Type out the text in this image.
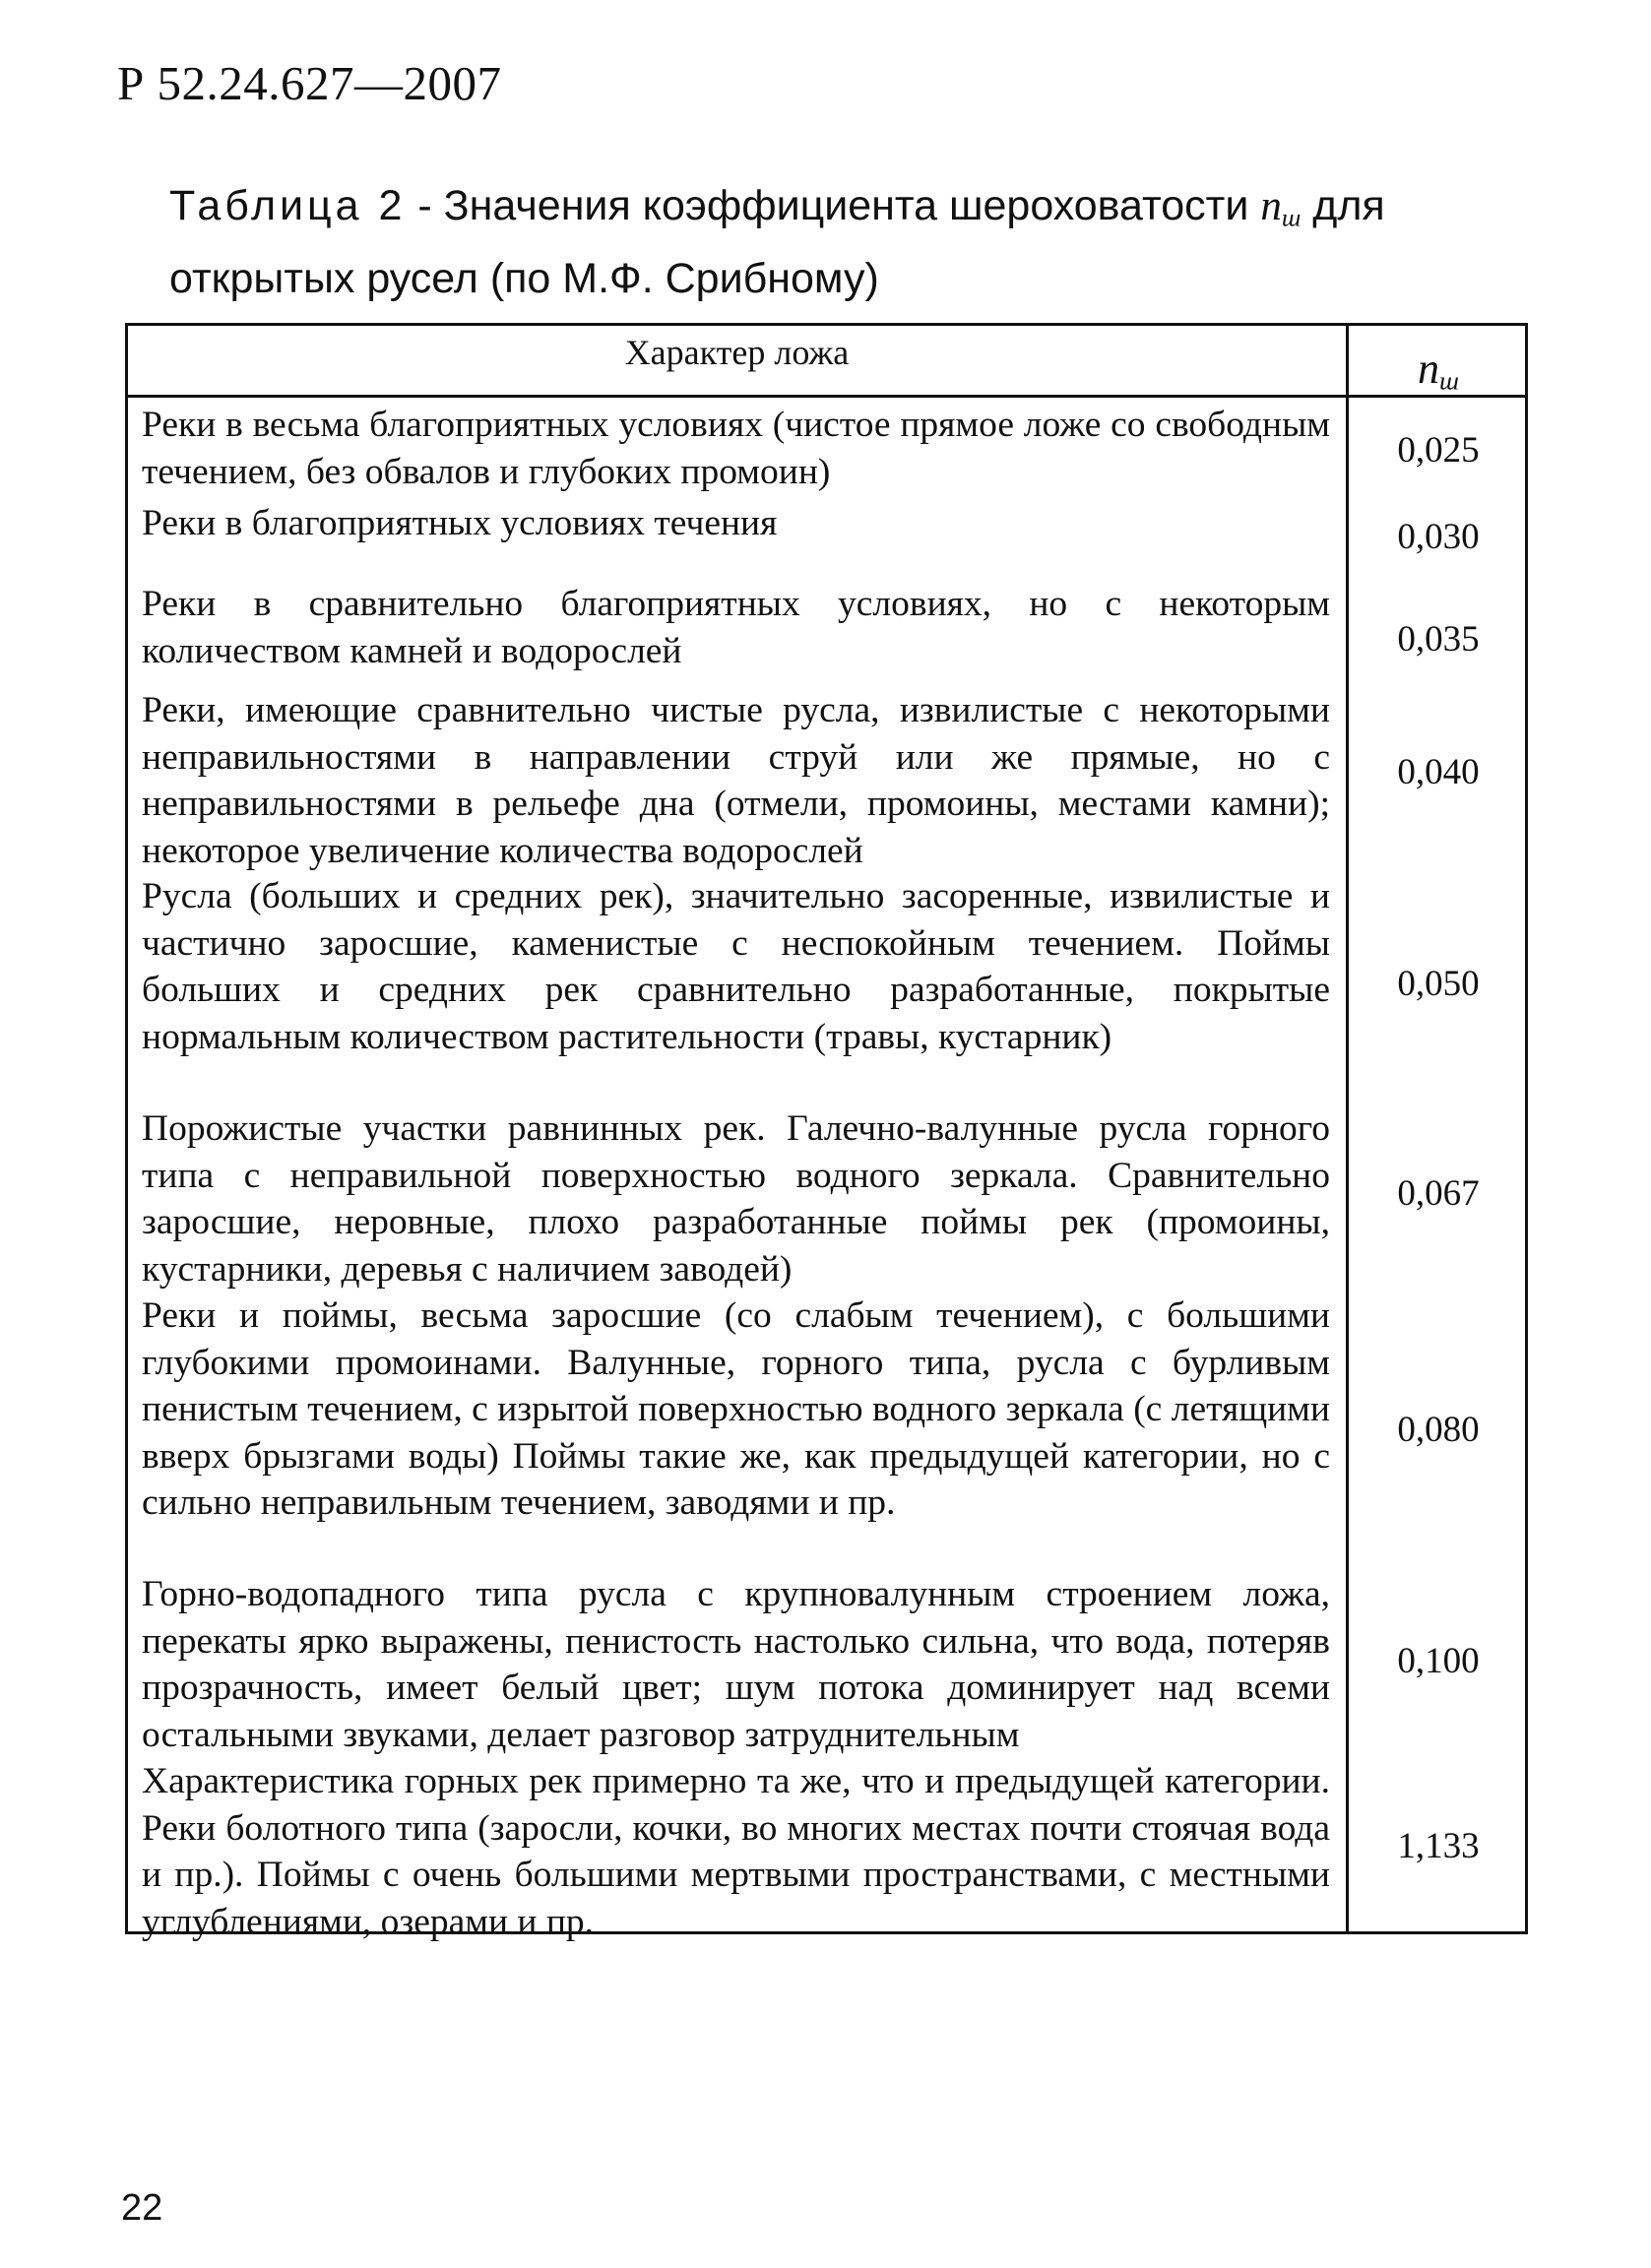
Р 52.24.627—2007
Таблица 2 - Значения коэффициента шероховатости $n_ш$ для открытых русел (по М.Ф. Срибному)
Характер ложа	$n_ш$
Реки в весьма благоприятных условиях (чистое прямое ложе со свободным течением, без обвалов и глубоких промоин)
0,025
Реки в благоприятных условиях течения	0,030
Реки в сравнительно благоприятных условиях, но с некоторым количеством камней и водорослей	0,035
Реки, имеющие сравнительно чистые русла, извилистые с некоторыми неправильностями в направлении струй или же прямые, но с неправильностями в рельефе дна (отмели, промоины, местами камни); некоторое увеличение количества водорослей
0,040
Русла (больших и средних рек), значительно засоренные, извилистые и частично заросшие, каменистые с неспокойным течением. Поймы больших и средних рек сравнительно разработанные, покрытые нормальным количеством растительности (травы, кустарник)
0,050
Порожистые участки равнинных рек. Галечно-валунные русла горного типа с неправильной поверхностью водного зеркала. Сравнительно заросшие, неровные, плохо разработанные поймы рек (промоины, кустарники, деревья с наличием заводей)
0,067
Реки и поймы, весьма заросшие (со слабым течением), с большими глубокими промоинами. Валунные, горного типа, русла с бурливым пенистым течением, с изрытой поверхностью водного зеркала (с летящими вверх брызгами воды) Поймы такие же, как предыдущей категории, но с сильно неправильным течением, заводями и пр.
0,080
Горно-водопадного типа русла с крупновалунным строением ложа, перекаты ярко выражены, пенистость настолько сильна, что вода, потеряв прозрачность, имеет белый цвет; шум потока доминирует над всеми остальными звуками, делает разговор затруднительным
0,100
Характеристика горных рек примерно та же, что и предыдущей категории. Реки болотного типа (заросли, кочки, во многих местах почти стоячая вода и пр.). Поймы с очень большими мертвыми пространствами, с местными углублениями, озерами и пр.
1,133
22
